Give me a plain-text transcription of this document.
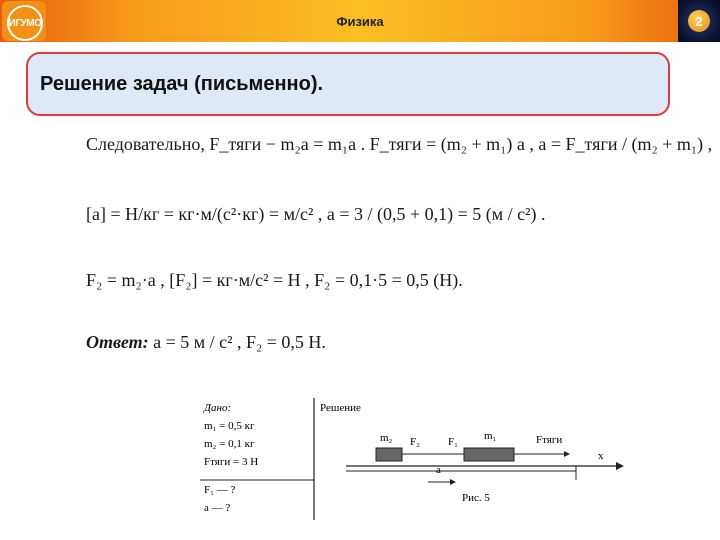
ИГУМО	Физика	2
Решение задач (письменно).
Следовательно, F_тяги − m₂a = m₁a . F_тяги = (m₂ + m₁) a , a = F_тяги / (m₂ + m₁) ,
[a] = Н/кг = кг·м/(с²·кг) = м/с² , a = 3 / (0,5 + 0,1) = 5 (м / с²) .
F₂ = m₂·a , [F₂] = кг·м/с² = Н , F₂ = 0,1·5 = 0,5 (Н).
Ответ: a = 5 м / с² , F₂ = 0,5 Н.
Дано:
m₁ = 0,5 кг
m₂ = 0,1 кг
Fтяги = 3 Н
F₁ — ?
a — ?
Решение
m₂ F₂	F₁ m₁	Fтяги
a
x
Рис. 5
